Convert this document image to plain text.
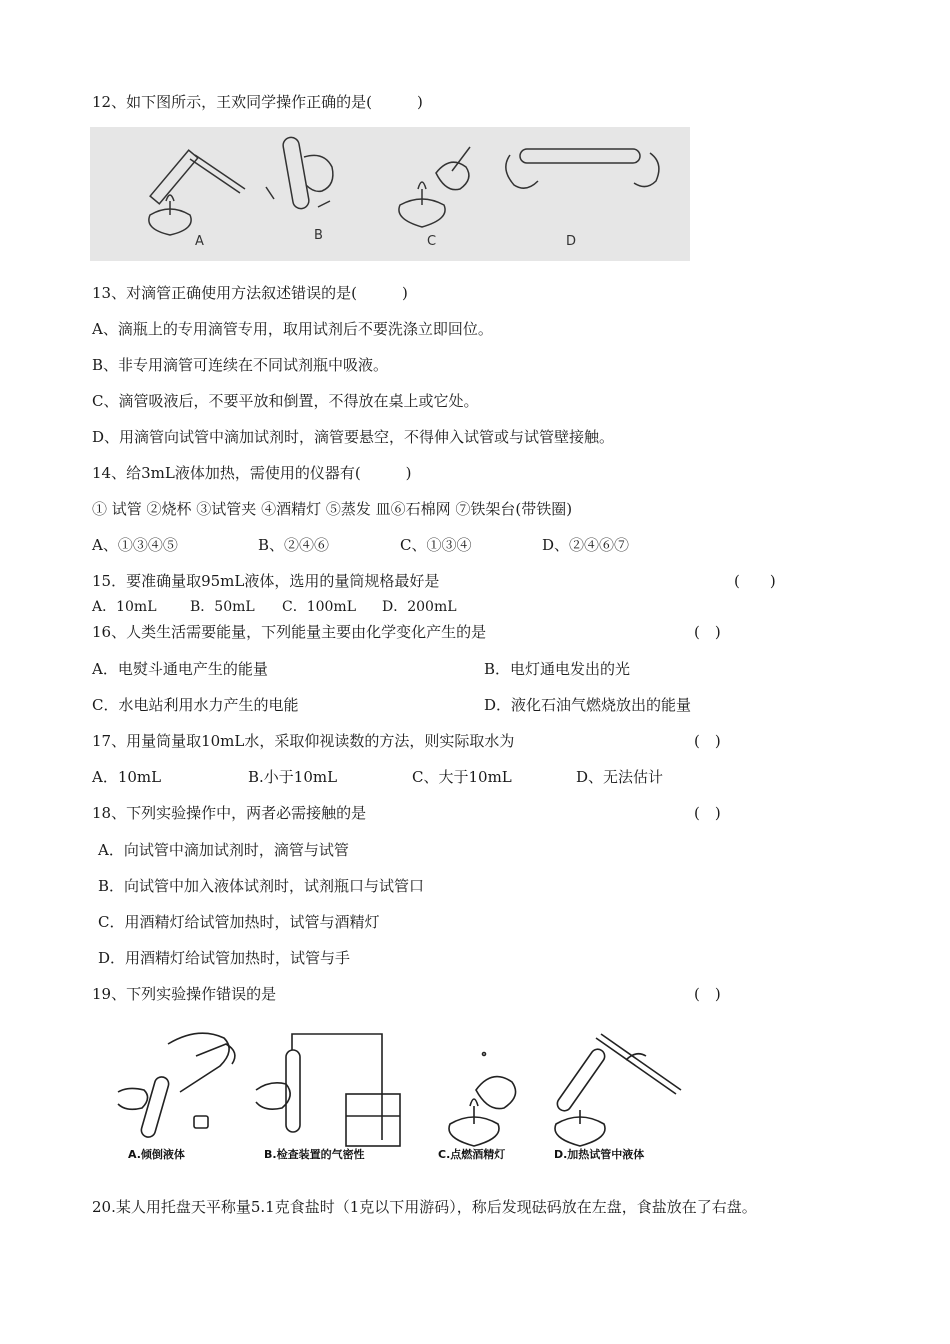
12、如下图所示，王欢同学操作正确的是(　　　)
A	B	C	D
13、对滴管正确使用方法叙述错误的是(　　　)
A、滴瓶上的专用滴管专用，取用试剂后不要洗涤立即回位。
B、非专用滴管可连续在不同试剂瓶中吸液。
C、滴管吸液后，不要平放和倒置，不得放在桌上或它处。
D、用滴管向试管中滴加试剂时，滴管要悬空，不得伸入试管或与试管壁接触。
14、给3mL液体加热，需使用的仪器有(　　　)
① 试管 ②烧杯 ③试管夹 ④酒精灯 ⑤蒸发 皿⑥石棉网 ⑦铁架台(带铁圈)
A、①③④⑤	B、②④⑥	C、①③④	D、②④⑥⑦
15．要准确量取95mL液体，选用的量筒规格最好是	(　　)
A．10mL B．50mL C．100mL D．200mL
16、人类生活需要能量，下列能量主要由化学变化产生的是	(　)
A．电熨斗通电产生的能量	B．电灯通电发出的光
C．水电站利用水力产生的电能	D．液化石油气燃烧放出的能量
17、用量筒量取10mL水，采取仰视读数的方法，则实际取水为	(　)
A．10mL	B.小于10mL	C、大于10mL	D、无法估计
18、下列实验操作中，两者必需接触的是	(　)
A．向试管中滴加试剂时，滴管与试管
B．向试管中加入液体试剂时，试剂瓶口与试管口
C．用酒精灯给试管加热时，试管与酒精灯
D．用酒精灯给试管加热时，试管与手
19、下列实验操作错误的是	(　)
A.倾倒液体	B.检查装置的气密性	C.点燃酒精灯	D.加热试管中液体
20.某人用托盘天平称量5.1克食盐时（1克以下用游码），称后发现砝码放在左盘，食盐放在了右盘。
